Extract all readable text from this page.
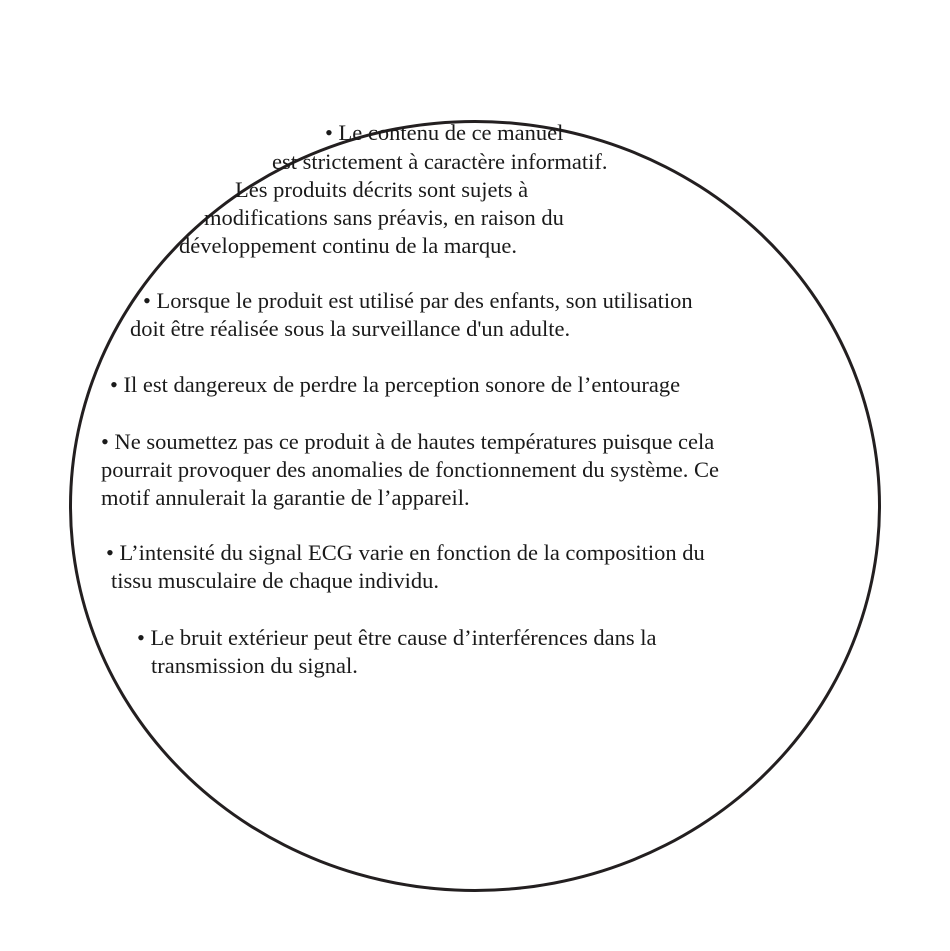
• Le contenu de ce manuel
est strictement à caractère informatif.
Les produits décrits sont sujets à
modifications sans préavis, en raison du
développement continu de la marque.
• Lorsque le produit est utilisé par des enfants, son utilisation
doit être réalisée sous la surveillance d'un adulte.
• Il est dangereux de perdre la perception sonore de l’entourage
• Ne soumettez pas ce produit à de hautes températures puisque cela
pourrait provoquer des anomalies de fonctionnement du système. Ce
motif annulerait la garantie de l’appareil.
• L’intensité du signal ECG varie en fonction de la composition du
tissu musculaire de chaque individu.
• Le bruit extérieur peut être cause d’interférences dans la
transmission du signal.
